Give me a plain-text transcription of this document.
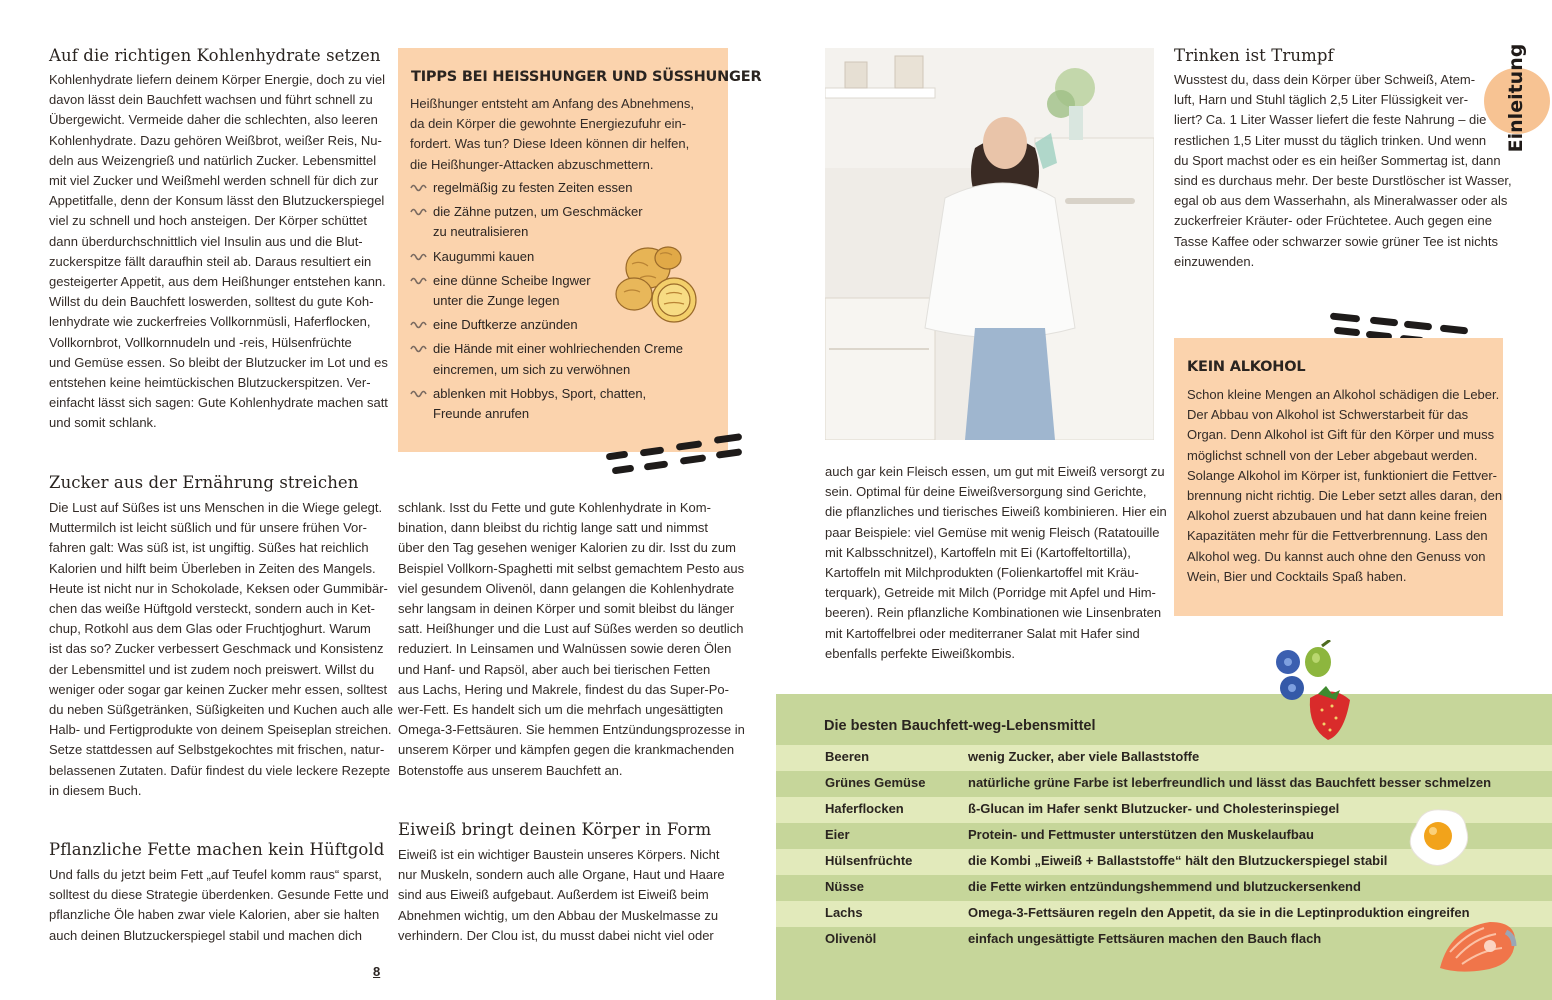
Auf die richtigen Kohlenhydrate setzen
Kohlenhydrate liefern deinem Körper Energie, doch zu viel
davon lässt dein Bauchfett wachsen und führt schnell zu
Übergewicht. Vermeide daher die schlechten, also leeren
Kohlenhydrate. Dazu gehören Weißbrot, weißer Reis, Nu-
deln aus Weizengrieß und natürlich Zucker. Lebensmittel
mit viel Zucker und Weißmehl werden schnell für dich zur
Appetitfalle, denn der Konsum lässt den Blutzuckerspiegel
viel zu schnell und hoch ansteigen. Der Körper schüttet
dann überdurchschnittlich viel Insulin aus und die Blut-
zuckerspitze fällt daraufhin steil ab. Daraus resultiert ein
gesteigerter Appetit, aus dem Heißhunger entstehen kann.
Willst du dein Bauchfett loswerden, solltest du gute Koh-
lenhydrate wie zuckerfreies Vollkornmüsli, Haferflocken,
Vollkornbrot, Vollkornnudeln und -reis, Hülsenfrüchte
und Gemüse essen. So bleibt der Blutzucker im Lot und es
entstehen keine heimtückischen Blutzuckerspitzen. Ver-
einfacht lässt sich sagen: Gute Kohlenhydrate machen satt
und somit schlank.
Zucker aus der Ernährung streichen
Die Lust auf Süßes ist uns Menschen in die Wiege gelegt.
Muttermilch ist leicht süßlich und für unsere frühen Vor-
fahren galt: Was süß ist, ist ungiftig. Süßes hat reichlich
Kalorien und hilft beim Überleben in Zeiten des Mangels.
Heute ist nicht nur in Schokolade, Keksen oder Gummibär-
chen das weiße Hüftgold versteckt, sondern auch in Ket-
chup, Rotkohl aus dem Glas oder Fruchtjoghurt. Warum
ist das so? Zucker verbessert Geschmack und Konsistenz
der Lebensmittel und ist zudem noch preiswert. Willst du
weniger oder sogar gar keinen Zucker mehr essen, solltest
du neben Süßgetränken, Süßigkeiten und Kuchen auch alle
Halb- und Fertigprodukte von deinem Speiseplan streichen.
Setze stattdessen auf Selbstgekochtes mit frischen, natur-
belassenen Zutaten. Dafür findest du viele leckere Rezepte
in diesem Buch.
Pflanzliche Fette machen kein Hüftgold
Und falls du jetzt beim Fett „auf Teufel komm raus“ sparst,
solltest du diese Strategie überdenken. Gesunde Fette und
pflanzliche Öle haben zwar viele Kalorien, aber sie halten
auch deinen Blutzuckerspiegel stabil und machen dich
8
TIPPS BEI HEISSHUNGER UND SÜSSHUNGER
Heißhunger entsteht am Anfang des Abnehmens,
da dein Körper die gewohnte Energiezufuhr ein-
fordert. Was tun? Diese Ideen können dir helfen,
die Heißhunger-Attacken abzuschmettern.
regelmäßig zu festen Zeiten essen
die Zähne putzen, um Geschmäcker
zu neutralisieren
Kaugummi kauen
eine dünne Scheibe Ingwer
unter die Zunge legen
eine Duftkerze anzünden
die Hände mit einer wohlriechenden Creme
eincremen, um sich zu verwöhnen
ablenken mit Hobbys, Sport, chatten,
Freunde anrufen
schlank. Isst du Fette und gute Kohlenhydrate in Kom-
bination, dann bleibst du richtig lange satt und nimmst
über den Tag gesehen weniger Kalorien zu dir. Isst du zum
Beispiel Vollkorn-Spaghetti mit selbst gemachtem Pesto aus
viel gesundem Olivenöl, dann gelangen die Kohlenhydrate
sehr langsam in deinen Körper und somit bleibst du länger
satt. Heißhunger und die Lust auf Süßes werden so deutlich
reduziert. In Leinsamen und Walnüssen sowie deren Ölen
und Hanf- und Rapsöl, aber auch bei tierischen Fetten
aus Lachs, Hering und Makrele, findest du das Super-Po-
wer-Fett. Es handelt sich um die mehrfach ungesättigten
Omega-3-Fettsäuren. Sie hemmen Entzündungsprozesse in
unserem Körper und kämpfen gegen die krankmachenden
Botenstoffe aus unserem Bauchfett an.
Eiweiß bringt deinen Körper in Form
Eiweiß ist ein wichtiger Baustein unseres Körpers. Nicht
nur Muskeln, sondern auch alle Organe, Haut und Haare
sind aus Eiweiß aufgebaut. Außerdem ist Eiweiß beim
Abnehmen wichtig, um den Abbau der Muskelmasse zu
verhindern. Der Clou ist, du musst dabei nicht viel oder
auch gar kein Fleisch essen, um gut mit Eiweiß versorgt zu
sein. Optimal für deine Eiweißversorgung sind Gerichte,
die pflanzliches und tierisches Eiweiß kombinieren. Hier ein
paar Beispiele: viel Gemüse mit wenig Fleisch (Ratatouille
mit Kalbsschnitzel), Kartoffeln mit Ei (Kartoffeltortilla),
Kartoffeln mit Milchprodukten (Folienkartoffel mit Kräu-
terquark), Getreide mit Milch (Porridge mit Apfel und Him-
beeren). Rein pflanzliche Kombinationen wie Linsenbraten
mit Kartoffelbrei oder mediterraner Salat mit Hafer sind
ebenfalls perfekte Eiweißkombis.
Trinken ist Trumpf
Wusstest du, dass dein Körper über Schweiß, Atem-
luft, Harn und Stuhl täglich 2,5 Liter Flüssigkeit ver-
liert? Ca. 1 Liter Wasser liefert die feste Nahrung – die
restlichen 1,5 Liter musst du täglich trinken. Und wenn
du Sport machst oder es ein heißer Sommertag ist, dann
sind es durchaus mehr. Der beste Durstlöscher ist Wasser,
egal ob aus dem Wasserhahn, als Mineralwasser oder als
zuckerfreier Kräuter- oder Früchtetee. Auch gegen eine
Tasse Kaffee oder schwarzer sowie grüner Tee ist nichts
einzuwenden.
Einleitung
KEIN ALKOHOL
Schon kleine Mengen an Alkohol schädigen die Leber.
Der Abbau von Alkohol ist Schwerstarbeit für das
Organ. Denn Alkohol ist Gift für den Körper und muss
möglichst schnell von der Leber abgebaut werden.
Solange Alkohol im Körper ist, funktioniert die Fettver-
brennung nicht richtig. Die Leber setzt alles daran, den
Alkohol zuerst abzubauen und hat dann keine freien
Kapazitäten mehr für die Fettverbrennung. Lass den
Alkohol weg. Du kannst auch ohne den Genuss von
Wein, Bier und Cocktails Spaß haben.
Die besten Bauchfett-weg-Lebensmittel
Beeren	wenig Zucker, aber viele Ballaststoffe
Grünes Gemüse	natürliche grüne Farbe ist leberfreundlich und lässt das Bauchfett besser schmelzen
Haferflocken	ß-Glucan im Hafer senkt Blutzucker- und Cholesterinspiegel
Eier	Protein- und Fettmuster unterstützen den Muskelaufbau
Hülsenfrüchte	die Kombi „Eiweiß + Ballaststoffe“ hält den Blutzuckerspiegel stabil
Nüsse	die Fette wirken entzündungshemmend und blutzuckersenkend
Lachs	Omega-3-Fettsäuren regeln den Appetit, da sie in die Leptinproduktion eingreifen
Olivenöl	einfach ungesättigte Fettsäuren machen den Bauch flach
